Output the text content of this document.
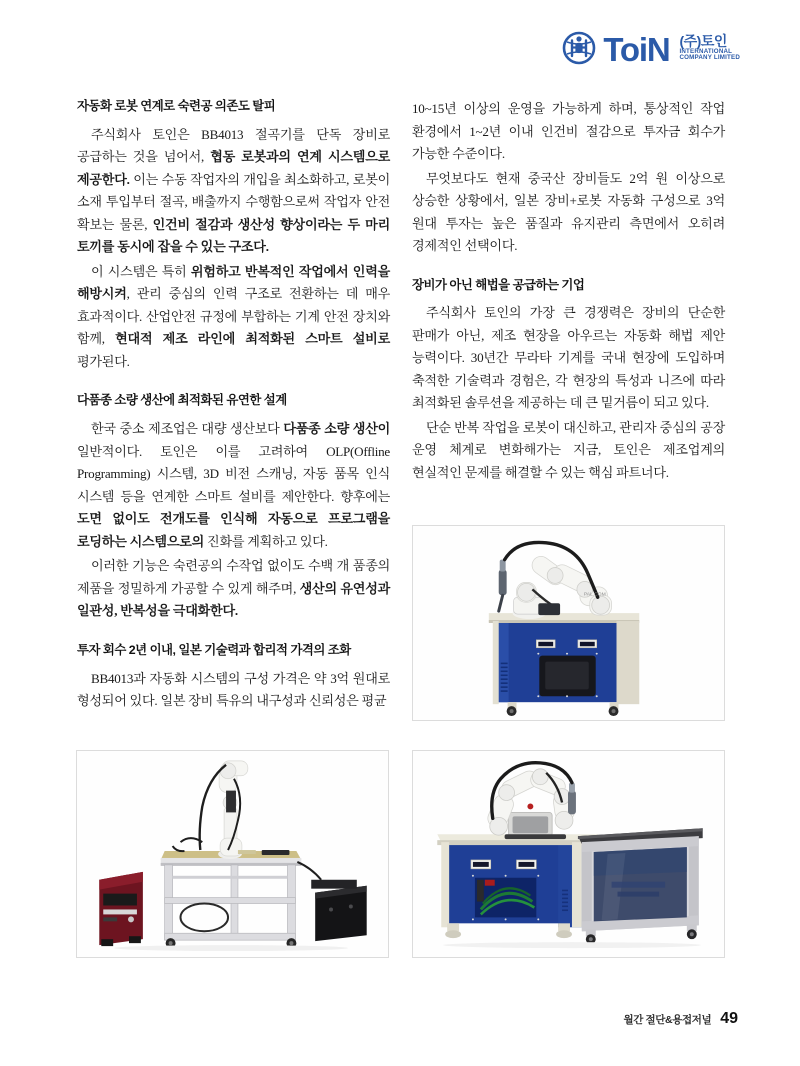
ToiN (주)토인
INTERNATIONAL
COMPANY LIMITED
자동화 로봇 연계로 숙련공 의존도 탈피

주식회사 토인은 BB4013 절곡기를 단독 장비로 공급하는 것을 넘어서, 협동 로봇과의 연계 시스템으로 제공한다. 이는 수동 작업자의 개입을 최소화하고, 로봇이 소재 투입부터 절곡, 배출까지 수행함으로써 작업자 안전 확보는 물론, 인건비 절감과 생산성 향상이라는 두 마리 토끼를 동시에 잡을 수 있는 구조다.

이 시스템은 특히 위험하고 반복적인 작업에서 인력을 해방시켜, 관리 중심의 인력 구조로 전환하는 데 매우 효과적이다. 산업안전 규정에 부합하는 기계 안전 장치와 함께, 현대적 제조 라인에 최적화된 스마트 설비로 평가된다.

다품종 소량 생산에 최적화된 유연한 설계

한국 중소 제조업은 대량 생산보다 다품종 소량 생산이 일반적이다. 토인은 이를 고려하여 OLP(Offline Programming) 시스템, 3D 비전 스캐닝, 자동 품목 인식 시스템 등을 연계한 스마트 설비를 제안한다. 향후에는 도면 없이도 전개도를 인식해 자동으로 프로그램을 로딩하는 시스템으로의 진화를 계획하고 있다.

이러한 기능은 숙련공의 수작업 없이도 수백 개 품종의 제품을 정밀하게 가공할 수 있게 해주며, 생산의 유연성과 일관성, 반복성을 극대화한다.

투자 회수 2년 이내, 일본 기술력과 합리적 가격의 조화

BB4013과 자동화 시스템의 구성 가격은 약 3억 원대로 형성되어 있다. 일본 장비 특유의 내구성과 신뢰성은 평균

10~15년 이상의 운영을 가능하게 하며, 통상적인 작업 환경에서 1~2년 이내 인건비 절감으로 투자금 회수가 가능한 수준이다.

무엇보다도 현재 중국산 장비들도 2억 원 이상으로 상승한 상황에서, 일본 장비+로봇 자동화 구성으로 3억 원대 투자는 높은 품질과 유지관리 측면에서 오히려 경제적인 선택이다.

장비가 아닌 해법을 공급하는 기업

주식회사 토인의 가장 큰 경쟁력은 장비의 단순한 판매가 아닌, 제조 현장을 아우르는 자동화 해법 제안 능력이다. 30년간 무라타 기계를 국내 현장에 도입하며 축적한 기술력과 경험은, 각 현장의 특성과 니즈에 따라 최적화된 솔루션을 제공하는 데 큰 밑거름이 되고 있다.

단순 반복 작업을 로봇이 대신하고, 관리자 중심의 공장 운영 체계로 변화해가는 지금, 토인은 제조업계의 현실적인 문제를 해결할 수 있는 핵심 파트너다.

PAL.COM
월간 절단&용접저널 49
